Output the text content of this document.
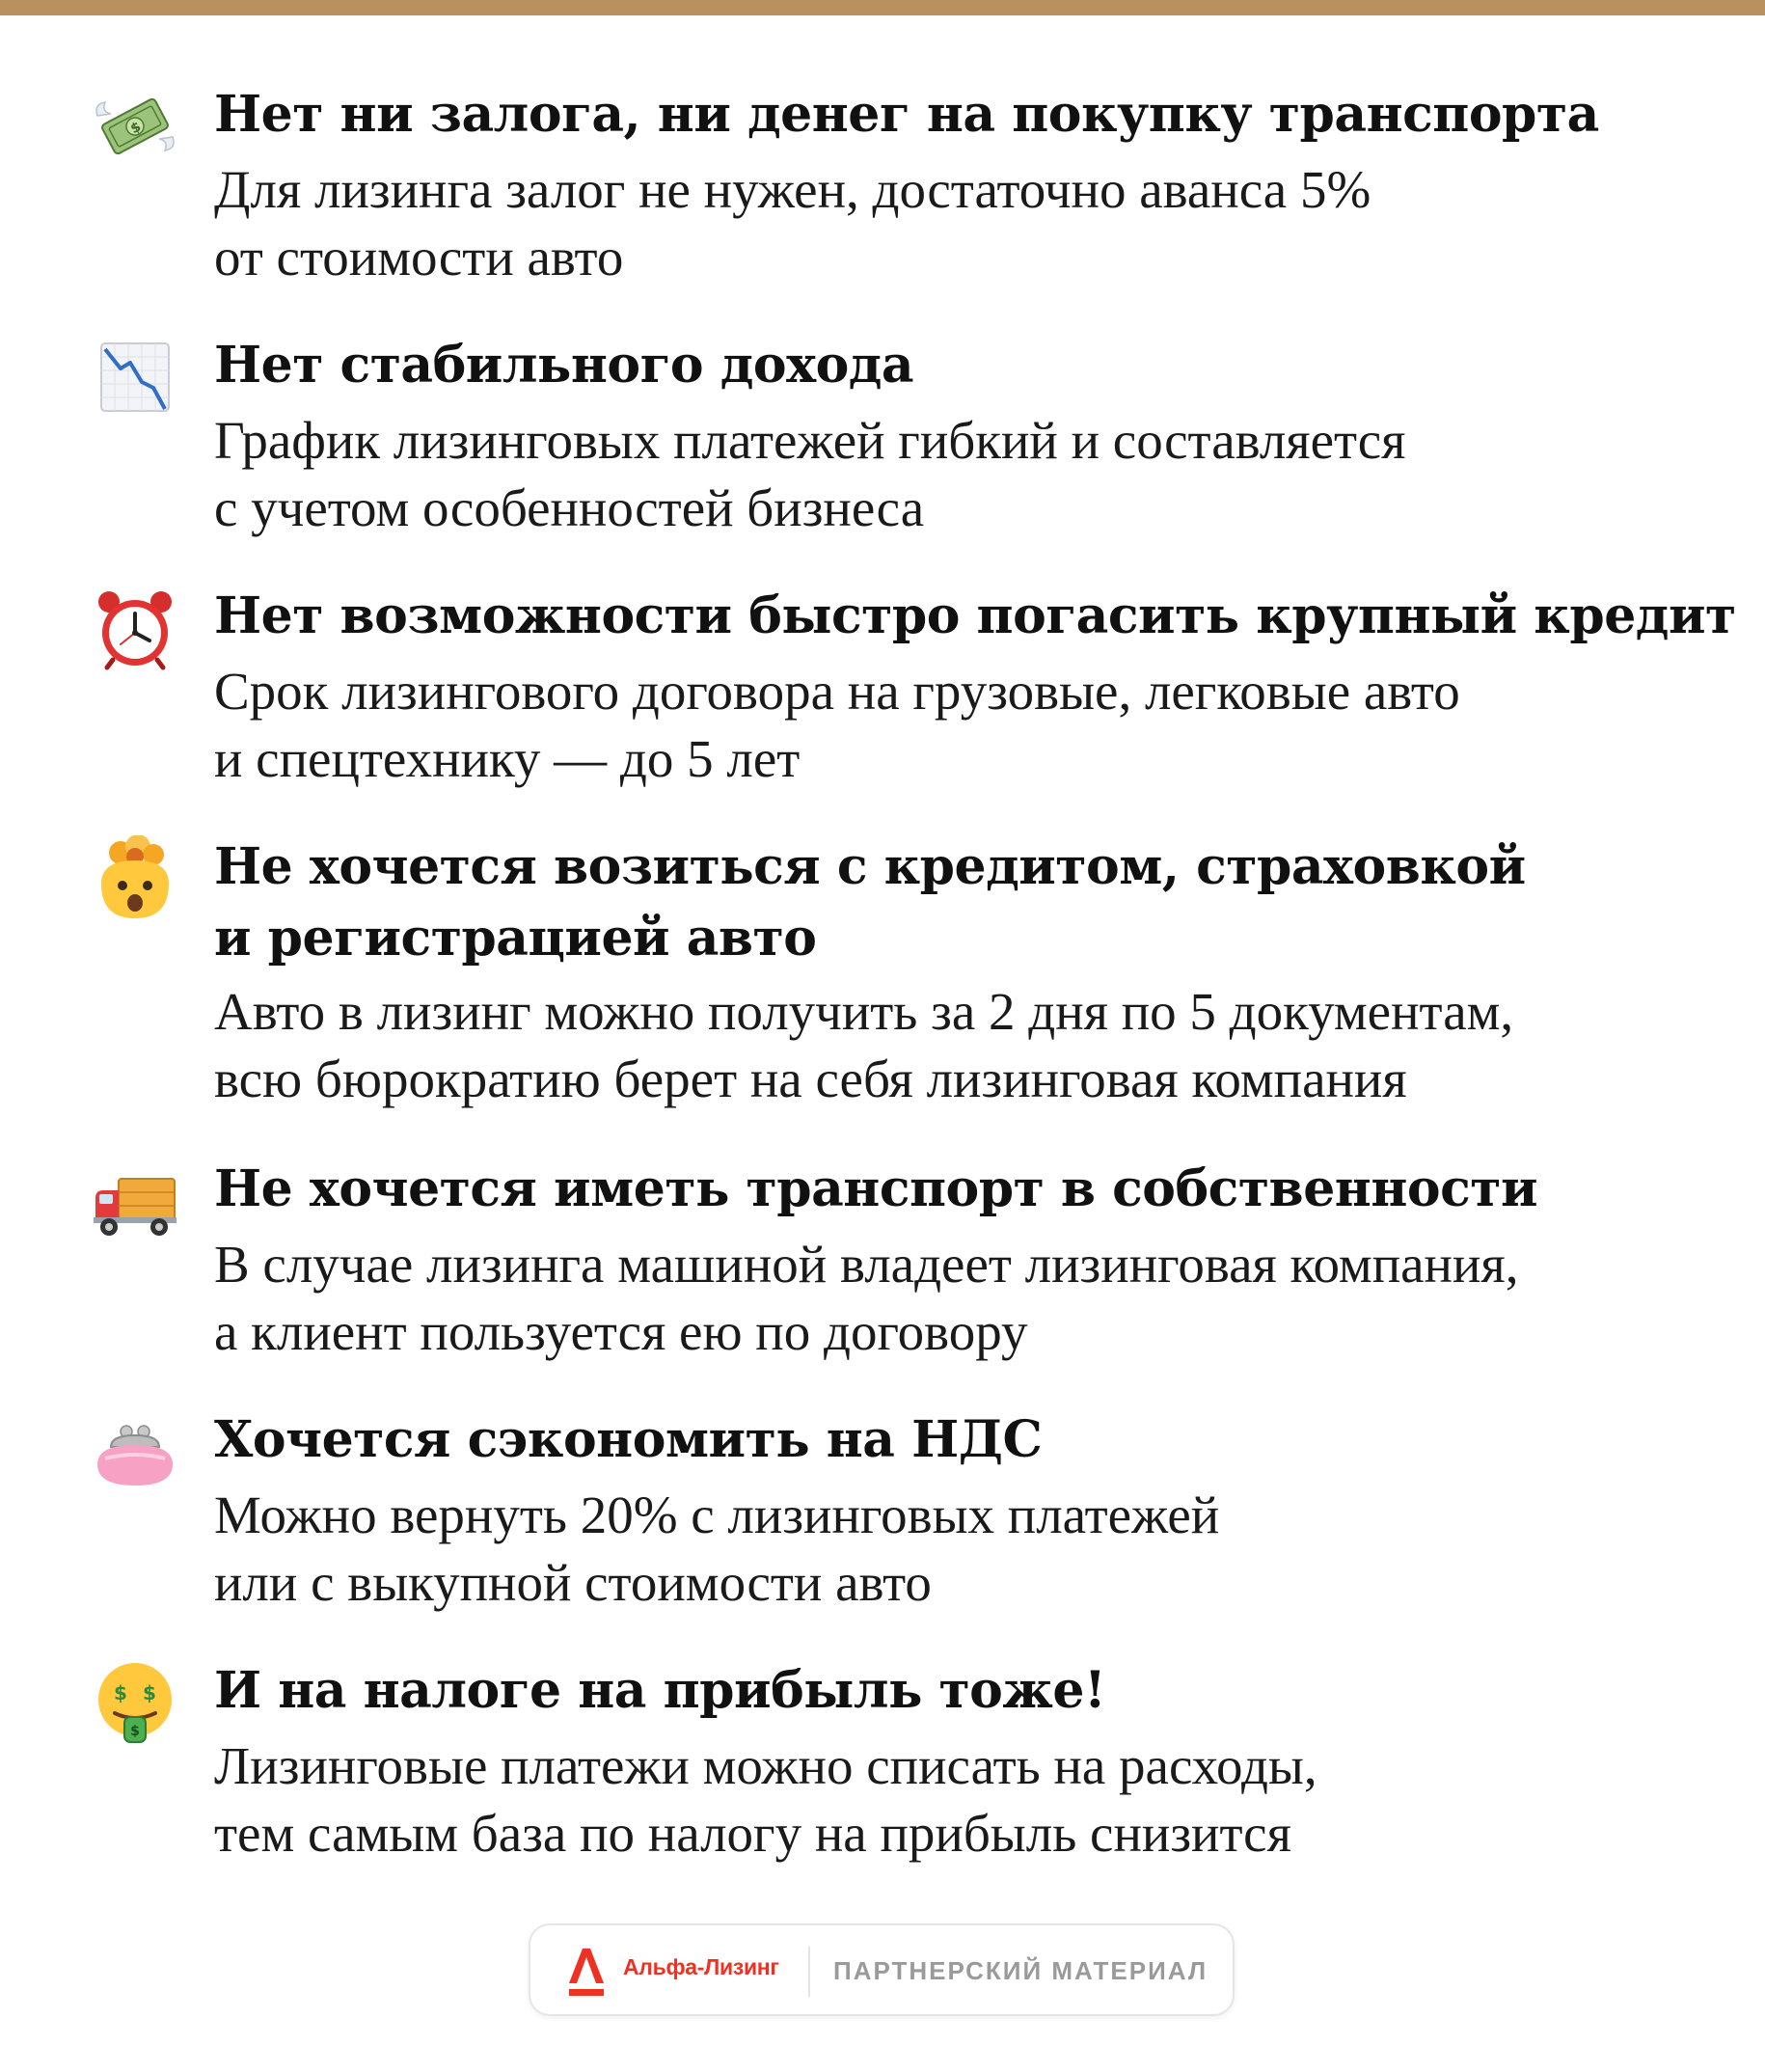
$ Нет ни залога, ни денег на покупку транспорта

Для лизинга залог не нужен, достаточно аванса 5%
от стоимости авто

Нет стабильного дохода

График лизинговых платежей гибкий и составляется
с учетом особенностей бизнеса

Нет возможности быстро погасить крупный кредит

Срок лизингового договора на грузовые, легковые авто
и спецтехнику — до 5 лет

Не хочется возиться с кредитом, страховкой
и регистрацией авто

Авто в лизинг можно получить за 2 дня по 5 документам,
всю бюрократию берет на себя лизинговая компания

Не хочется иметь транспорт в собственности

В случае лизинга машиной владеет лизинговая компания,
а клиент пользуется ею по договору

Хочется сэкономить на НДС

Можно вернуть 20% с лизинговых платежей
или с выкупной стоимости авто

$ $
$
И на налоге на прибыль тоже!

Лизинговые платежи можно списать на расходы,
тем самым база по налогу на прибыль снизится

Альфа-Лизинг ПАРТНЕРСКИЙ МАТЕРИАЛ
